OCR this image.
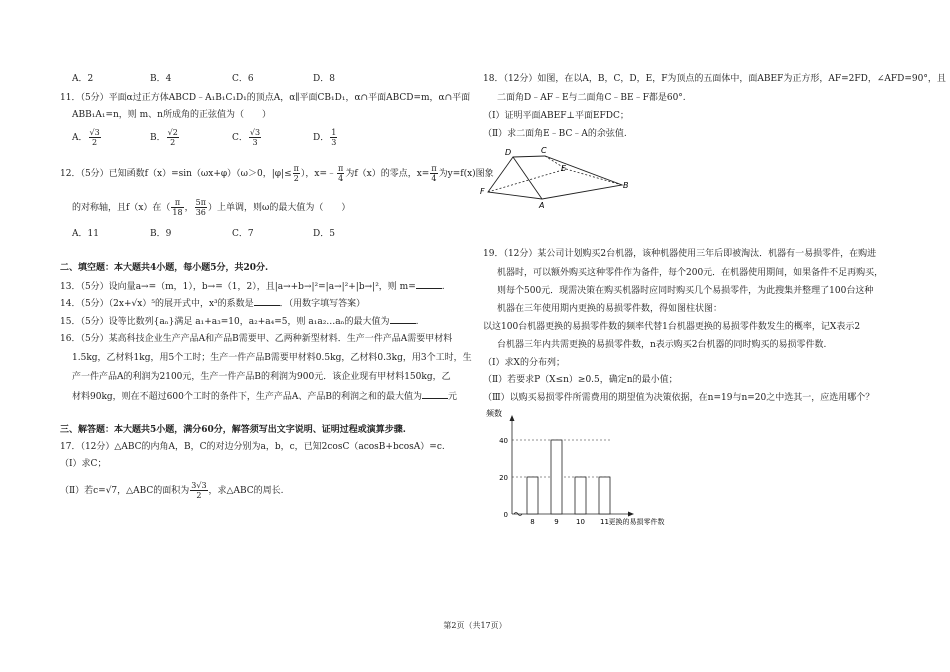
A．2	B．4	C．6	D．8
11．（5分）平面α过正方体ABCD﹣A₁B₁C₁D₁的顶点A，α∥平面CB₁D₁，α∩平面ABCD=m，α∩平面
ABB₁A₁=n，则 m、n所成角的正弦值为（　　）
A． $\frac{√3}{2}$	B． $\frac{√2}{2}$	C． $\frac{√3}{3}$	D． $\frac{1}{3}$
12．（5分）已知函数f（x）=sin（ωx+φ）（ω＞0，$|\varphi|\le \frac{\pi}{2}$ ），x=﹣ $\frac{\pi}{4}$ 为f（x）的零点，$x= \frac{\pi}{4}$ 为y=f(x)图象
的对称轴，且f（x）在（ $\frac{\pi}{18}$ ， $\frac{5\pi}{36}$ ）上单调，则ω的最大值为（　　）
A．11	B．9	C．7	D．5
二、填空题：本大题共4小题，每小题5分，共20分.
13．（5分）设向量a→=（m，1），b→=（1，2），且|a→+b→|²=|a→|²+|b→|²，则 m=	.
14．（5分）（2x+√x）⁵的展开式中，x³的系数是	．（用数字填写答案）
15．（5分）设等比数列{aₙ}满足 a₁+a₃=10，a₂+a₄=5，则 a₁a₂…aₙ的最大值为	.
16．（5分）某高科技企业生产产品A和产品B需要甲、乙两种新型材料．生产一件产品A需要甲材料
1.5kg，乙材料1kg，用5个工时；生产一件产品B需要甲材料0.5kg，乙材料0.3kg，用3个工时，生
产一件产品A的利润为2100元，生产一件产品B的利润为900元．该企业现有甲材料150kg，乙
材料90kg，则在不超过600个工时的条件下，生产产品A、产品B的利润之和的最大值为	元
三、解答题：本大题共5小题，满分60分，解答须写出文字说明、证明过程或演算步骤.
17．（12分）△ABC的内角A，B，C的对边分别为a，b，c，已知2cosC（acosB+bcosA）=c.
（Ⅰ）求C；
（Ⅱ）若c=√7，△ABC的面积为 $\frac{3√3}{2}$ ，求△ABC的周长.
18．（12分）如图，在以A，B，C，D，E，F为顶点的五面体中，面ABEF为正方形，AF=2FD，∠AFD=90°，且
二面角D﹣AF﹣E与二面角C﹣BE﹣F都是60°.
（Ⅰ）证明平面ABEF⊥平面EFDC；
（Ⅱ）求二面角E﹣BC﹣A的余弦值.
D	C
E
F
A
B
19．（12分）某公司计划购买2台机器，该种机器使用三年后即被淘汰．机器有一易损零件，在购进
机器时，可以额外购买这种零件作为备件，每个200元．在机器使用期间，如果备件不足再购买，
则每个500元．现需决策在购买机器时应同时购买几个易损零件，为此搜集并整理了100台这种
机器在三年使用期内更换的易损零件数，得如图柱状图：
以这100台机器更换的易损零件数的频率代替1台机器更换的易损零件数发生的概率，记X表示2
台机器三年内共需更换的易损零件数，n表示购买2台机器的同时购买的易损零件数.
（Ⅰ）求X的分布列；
（Ⅱ）若要求P（X≤n）≥0.5，确定n的最小值；
（Ⅲ）以购买易损零件所需费用的期望值为决策依据，在n=19与n=20之中选其一，应选用哪个？
频数
0
20
40
8	9 10 11 更换的易损零件数
第2页（共17页）
